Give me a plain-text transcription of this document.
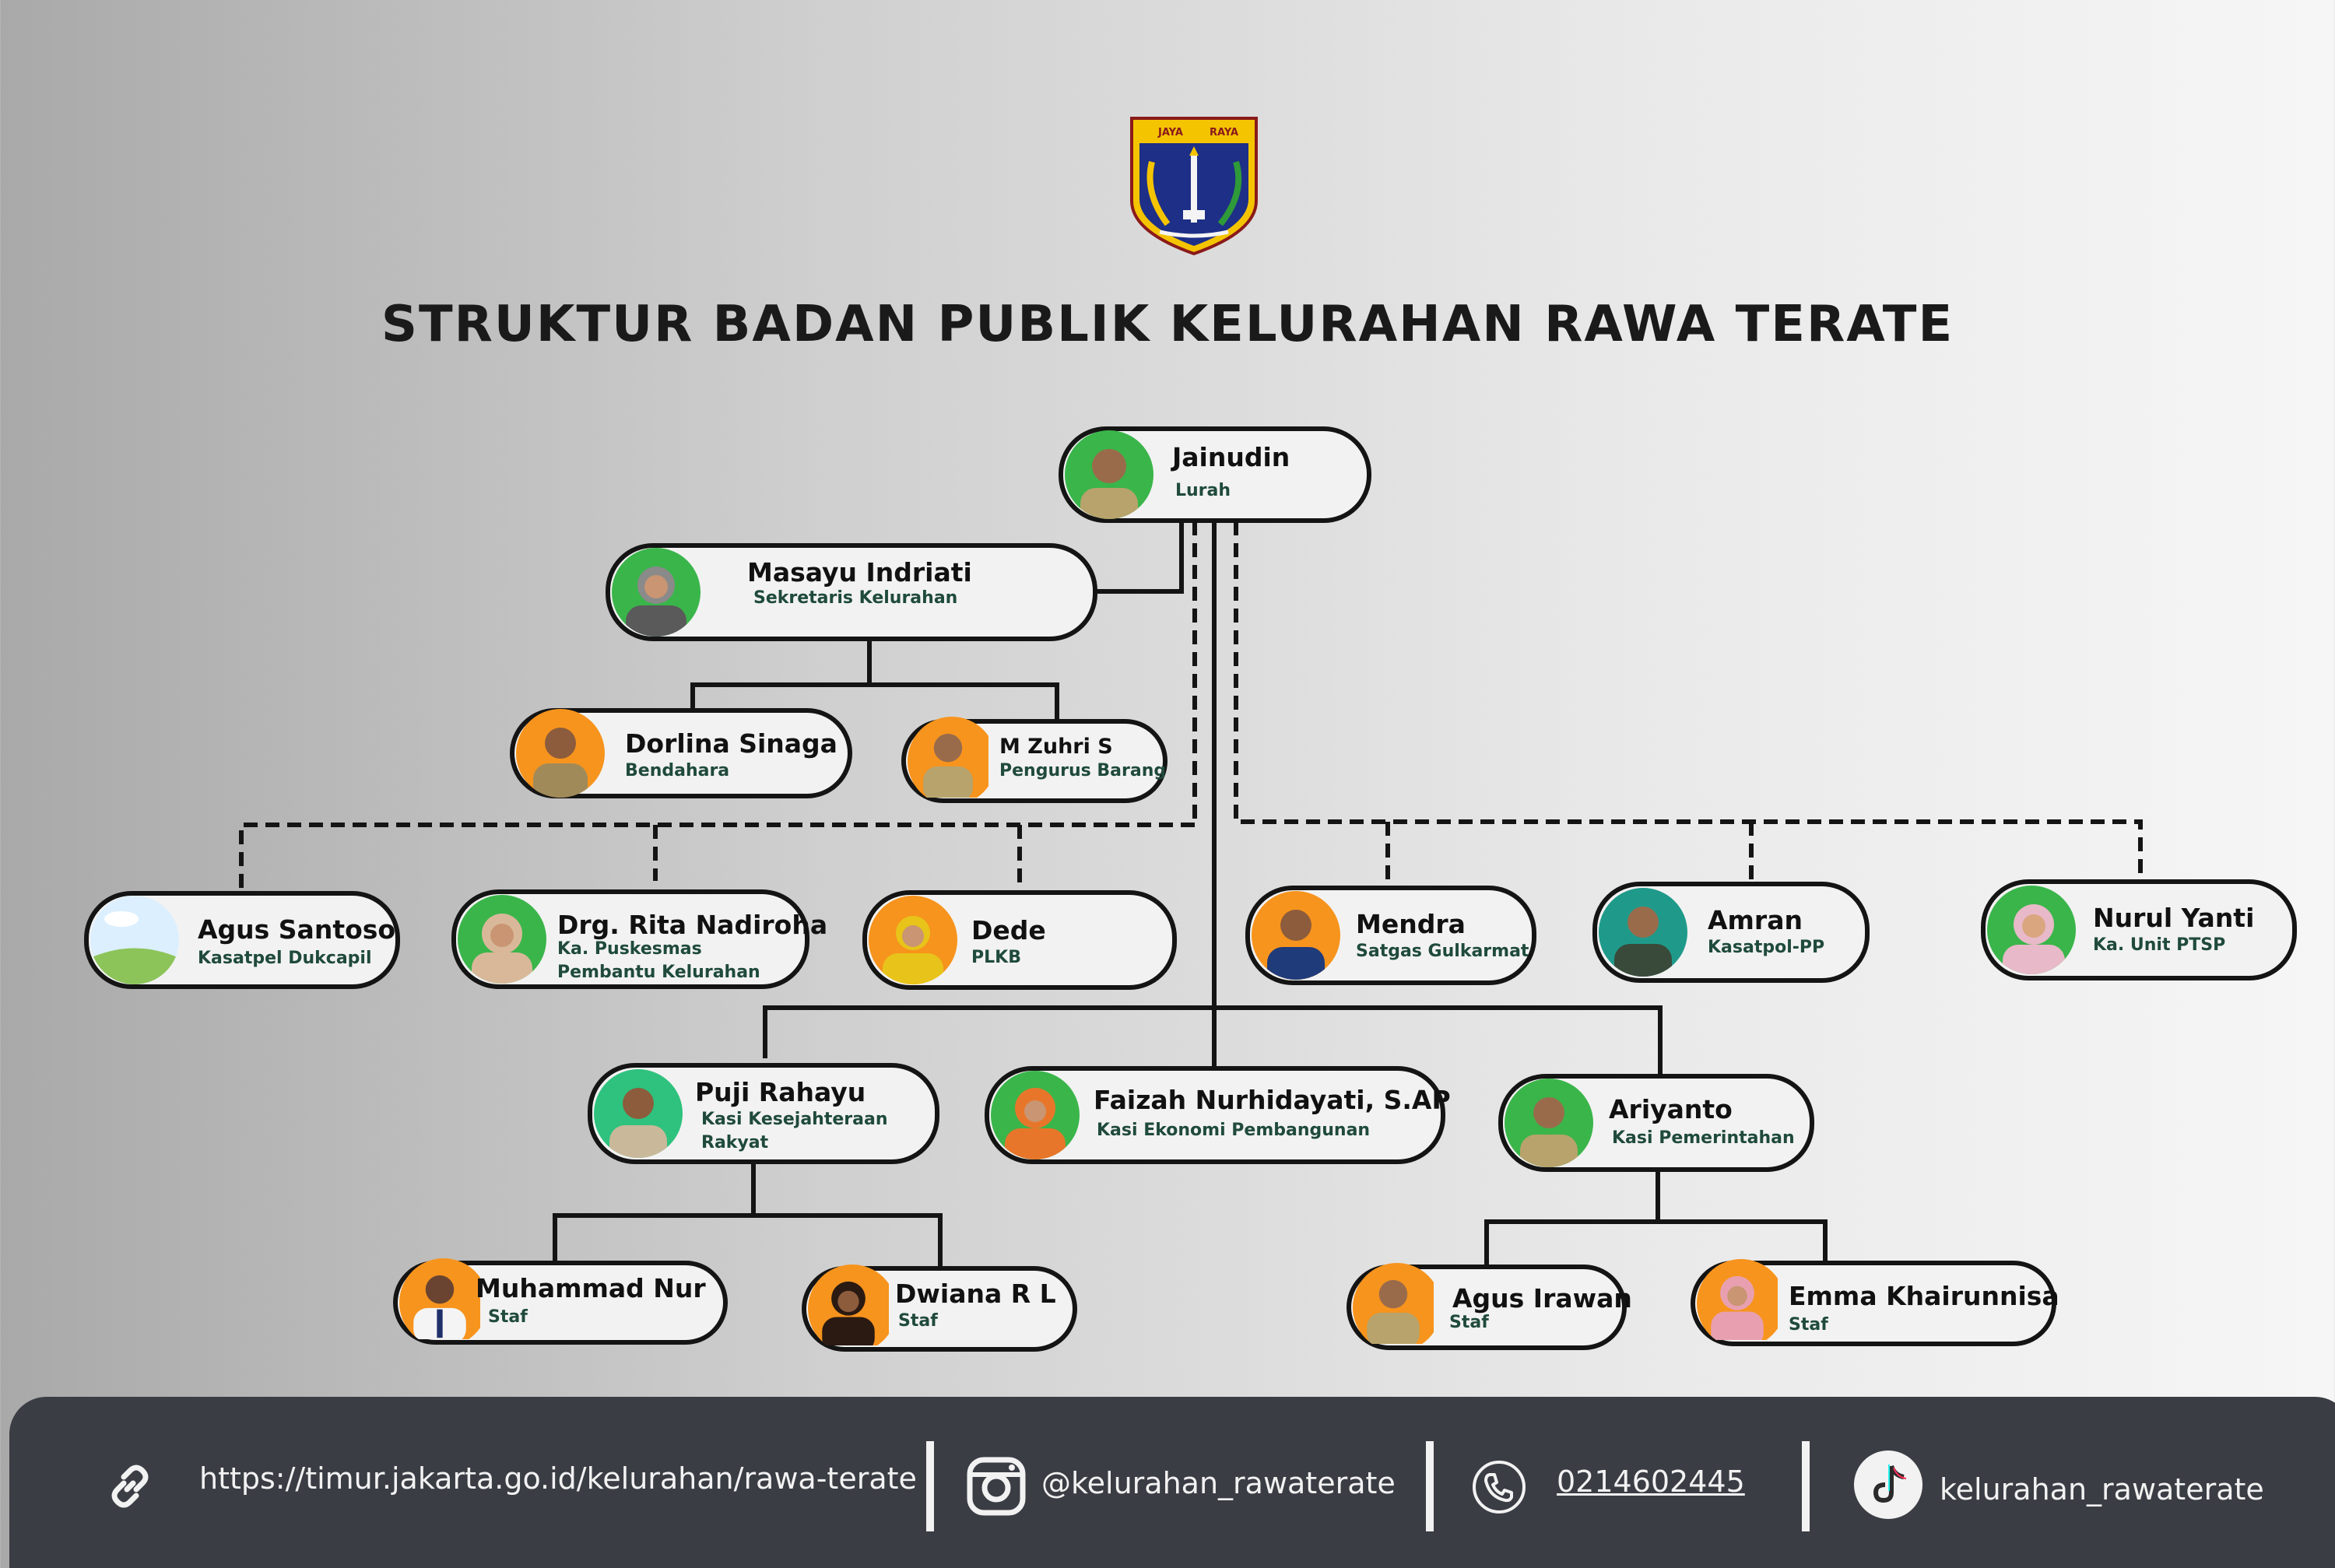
JAYA	RAYA
STRUKTUR BADAN PUBLIK KELURAHAN RAWA TERATE
Jainudin
Lurah
Masayu Indriati
Sekretaris Kelurahan
Dorlina Sinaga
Bendahara
M Zuhri S
Pengurus Barang
Agus Santoso
Kasatpel Dukcapil
Drg. Rita Nadiroha
Ka. Puskesmas
Pembantu Kelurahan
Dede
PLKB
Mendra
Satgas Gulkarmat
Amran
Kasatpol-PP
Nurul Yanti
Ka. Unit PTSP
Puji Rahayu
Kasi Kesejahteraan
Rakyat
Faizah Nurhidayati, S.AP
Kasi Ekonomi Pembangunan
Ariyanto
Kasi Pemerintahan
Muhammad Nur
Staf
Dwiana R L
Staf
Agus Irawan
Staf
Emma Khairunnisa
Staf
https://timur.jakarta.go.id/kelurahan/rawa-terate	@kelurahan_rawaterate	0214602445	kelurahan_rawaterate
